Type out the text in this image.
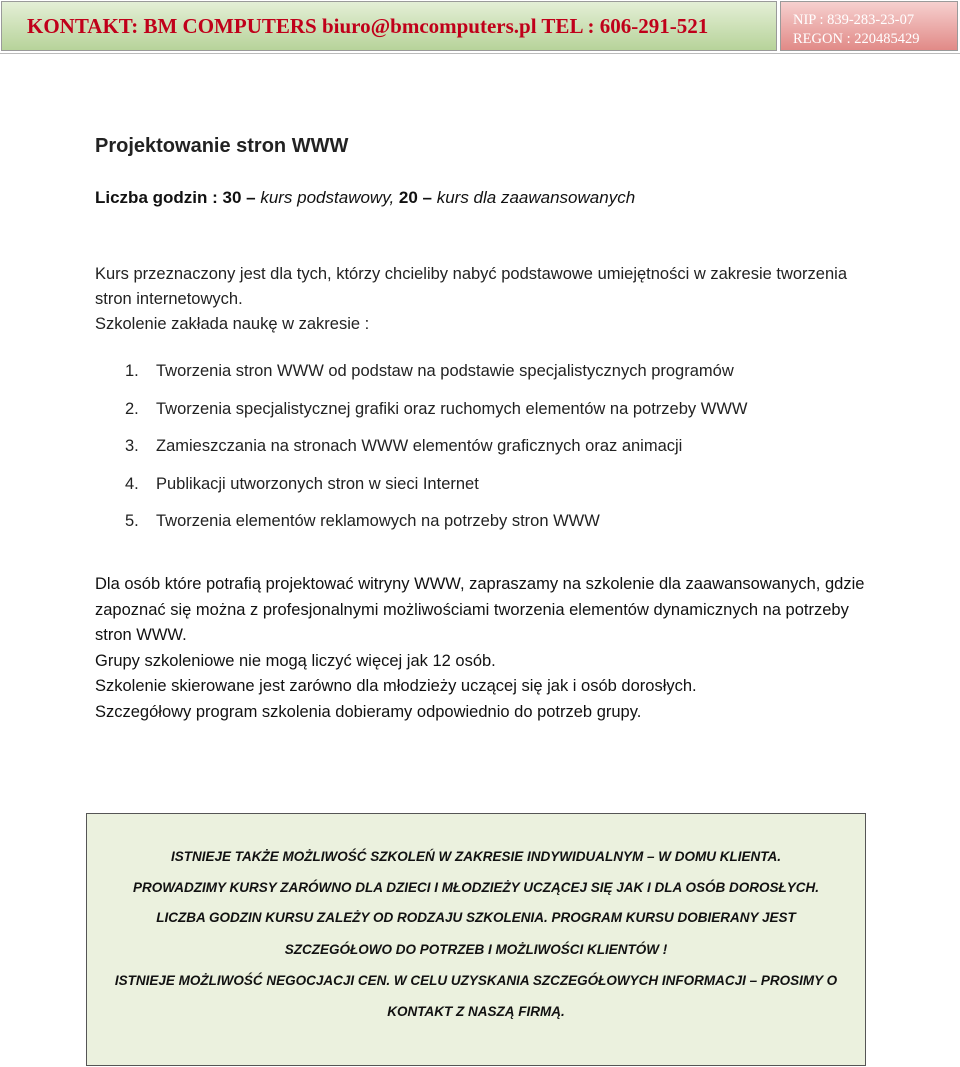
KONTAKT: BM COMPUTERS biuro@bmcomputers.pl TEL : 606-291-521	NIP : 839-283-23-07
REGON : 220485429
Projektowanie stron WWW
Liczba godzin : 30 – kurs podstawowy, 20 – kurs dla zaawansowanych
Kurs przeznaczony jest dla tych, którzy chcieliby nabyć podstawowe umiejętności w zakresie tworzenia stron internetowych.
Szkolenie zakłada naukę w zakresie :
1. Tworzenia stron WWW od podstaw na podstawie specjalistycznych programów
2. Tworzenia specjalistycznej grafiki oraz ruchomych elementów na potrzeby WWW
3. Zamieszczania na stronach WWW elementów graficznych oraz animacji
4. Publikacji utworzonych stron w sieci Internet
5. Tworzenia elementów reklamowych na potrzeby stron WWW
Dla osób które potrafią projektować witryny WWW, zapraszamy na szkolenie dla zaawansowanych, gdzie zapoznać się można z profesjonalnymi możliwościami tworzenia elementów dynamicznych na potrzeby stron WWW.
Grupy szkoleniowe nie mogą liczyć więcej jak 12 osób.
Szkolenie skierowane jest zarówno dla młodzieży uczącej się jak i osób dorosłych.
Szczegółowy program szkolenia dobieramy odpowiednio do potrzeb grupy.

ISTNIEJE TAKŻE MOŻLIWOŚĆ SZKOLEŃ W ZAKRESIE INDYWIDUALNYM – W DOMU KLIENTA.

PROWADZIMY KURSY ZARÓWNO DLA DZIECI I MŁODZIEŻY UCZĄCEJ SIĘ JAK I DLA OSÓB DOROSŁYCH.

LICZBA GODZIN KURSU ZALEŻY OD RODZAJU SZKOLENIA. PROGRAM KURSU DOBIERANY JEST

SZCZEGÓŁOWO DO POTRZEB I MOŻLIWOŚCI KLIENTÓW !

ISTNIEJE MOŻLIWOŚĆ NEGOCJACJI CEN. W CELU UZYSKANIA SZCZEGÓŁOWYCH INFORMACJI – PROSIMY O

KONTAKT Z NASZĄ FIRMĄ.
